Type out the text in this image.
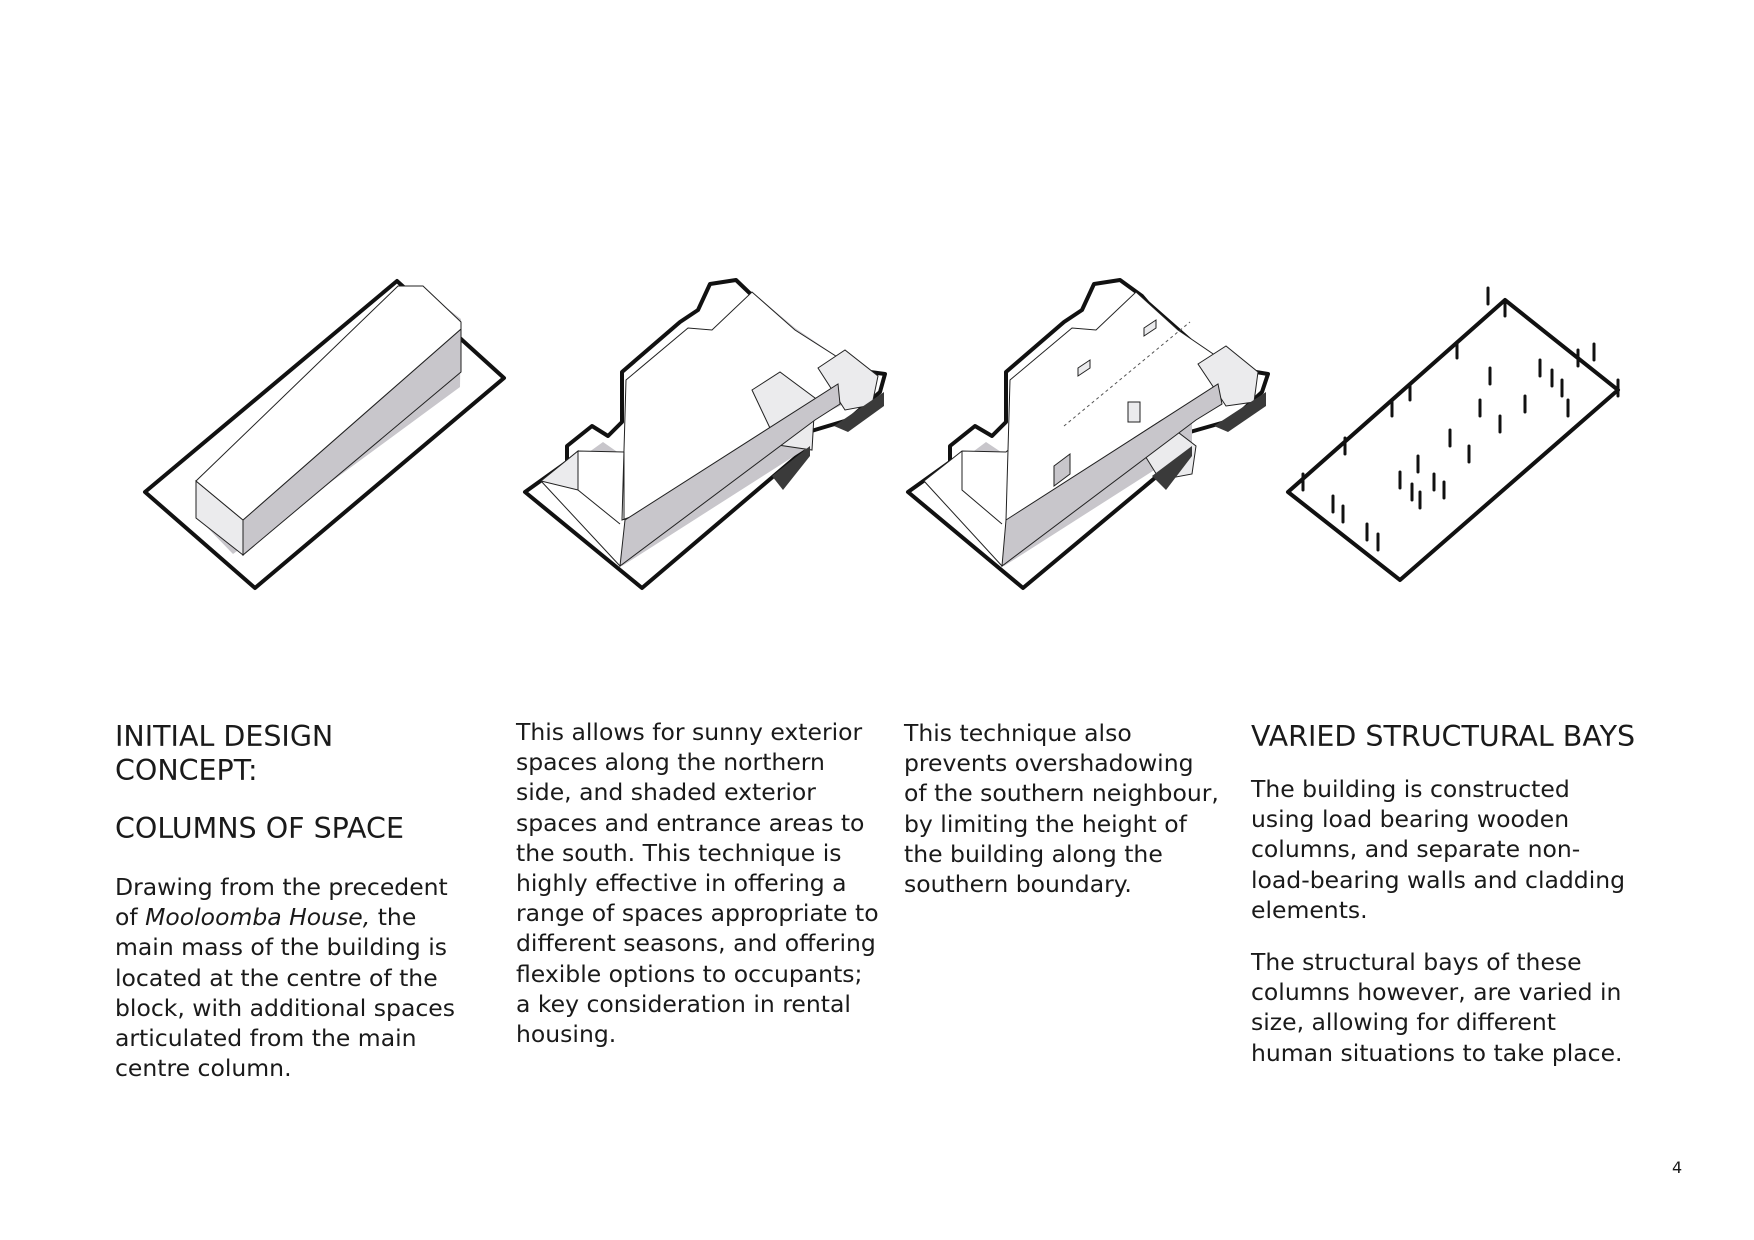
INITIAL DESIGN CONCEPT:
COLUMNS OF SPACE

Drawing from the precedent of Mooloomba House, the main mass of the building is located at the centre of the block, with additional spaces articulated from the main centre column.

This allows for sunny exterior spaces along the northern side, and shaded exterior spaces and entrance areas to the south. This technique is highly effective in offering a range of spaces appropriate to different seasons, and offering flexible options to occupants; a key consideration in rental housing.

This technique also prevents overshadowing of the southern neighbour, by limiting the height of the building along the southern boundary.

VARIED STRUCTURAL BAYS

The building is constructed using load bearing wooden columns, and separate non-load-bearing walls and cladding elements.

The structural bays of these columns however, are varied in size, allowing for different human situations to take place.

4
